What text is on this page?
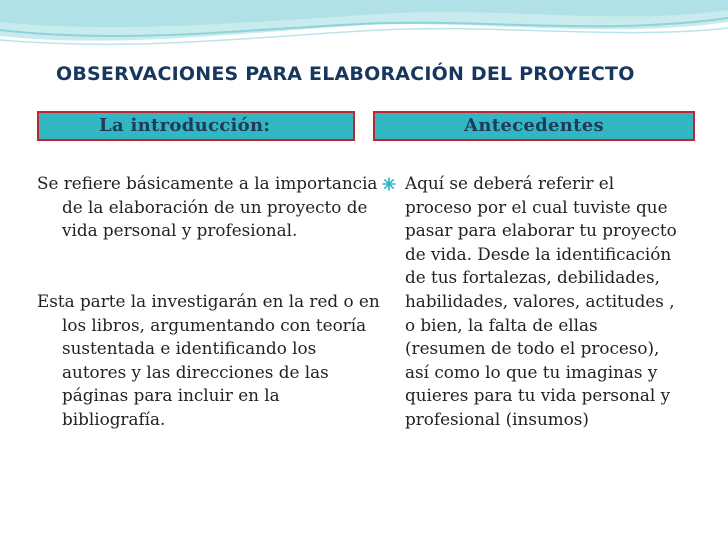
OBSERVACIONES PARA ELABORACIÓN DEL PROYECTO
La introducción:	Antecedentes

Se refiere básicamente a la importancia de la elaboración de un proyecto de vida personal y profesional.

Esta parte la investigarán en la red o en los libros, argumentando con teoría sustentada e identificando los autores y las direcciones de las páginas para incluir en la bibliografía.

Aquí se deberá referir el proceso por el cual tuviste que pasar para elaborar tu proyecto de vida. Desde la identificación de tus fortalezas, debilidades, habilidades, valores, actitudes , o bien, la falta de ellas (resumen de todo el proceso), así como lo que tu imaginas y quieres para tu vida personal y profesional (insumos)
